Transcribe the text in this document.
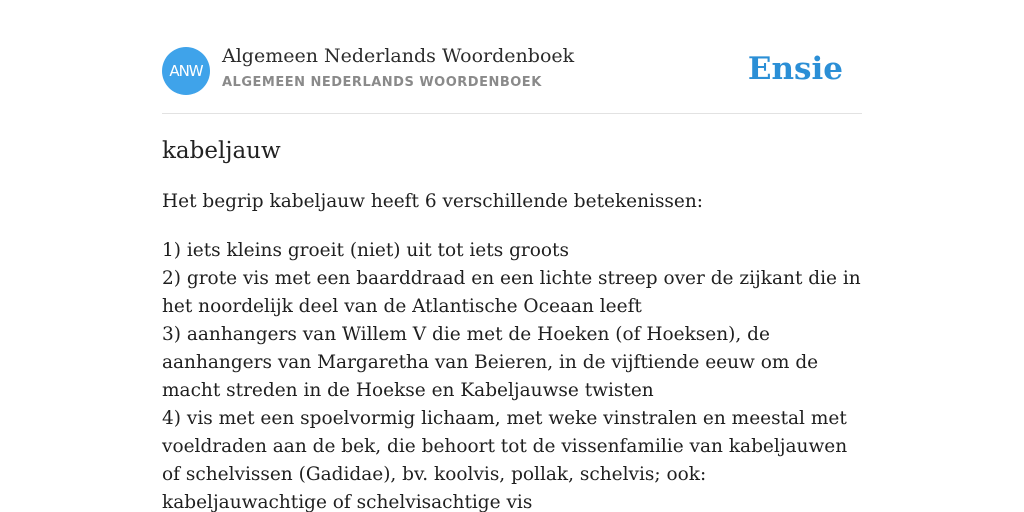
ANW
Algemeen Nederlands Woordenboek
ALGEMEEN NEDERLANDS WOORDENBOEK	Ensie
kabeljauw

Het begrip kabeljauw heeft 6 verschillende betekenissen:

1) iets kleins groeit (niet) uit tot iets groots
2) grote vis met een baarddraad en een lichte streep over de zijkant die in het noordelijk deel van de Atlantische Oceaan leeft
3) aanhangers van Willem V die met de Hoeken (of Hoeksen), de aanhangers van Margaretha van Beieren, in de vijftiende eeuw om de macht streden in de Hoekse en Kabeljauwse twisten
4) vis met een spoelvormig lichaam, met weke vinstralen en meestal met voeldraden aan de bek, die behoort tot de vissenfamilie van kabeljauwen of schelvissen (Gadidae), bv. koolvis, pollak, schelvis; ook: kabeljauwachtige of schelvisachtige vis
